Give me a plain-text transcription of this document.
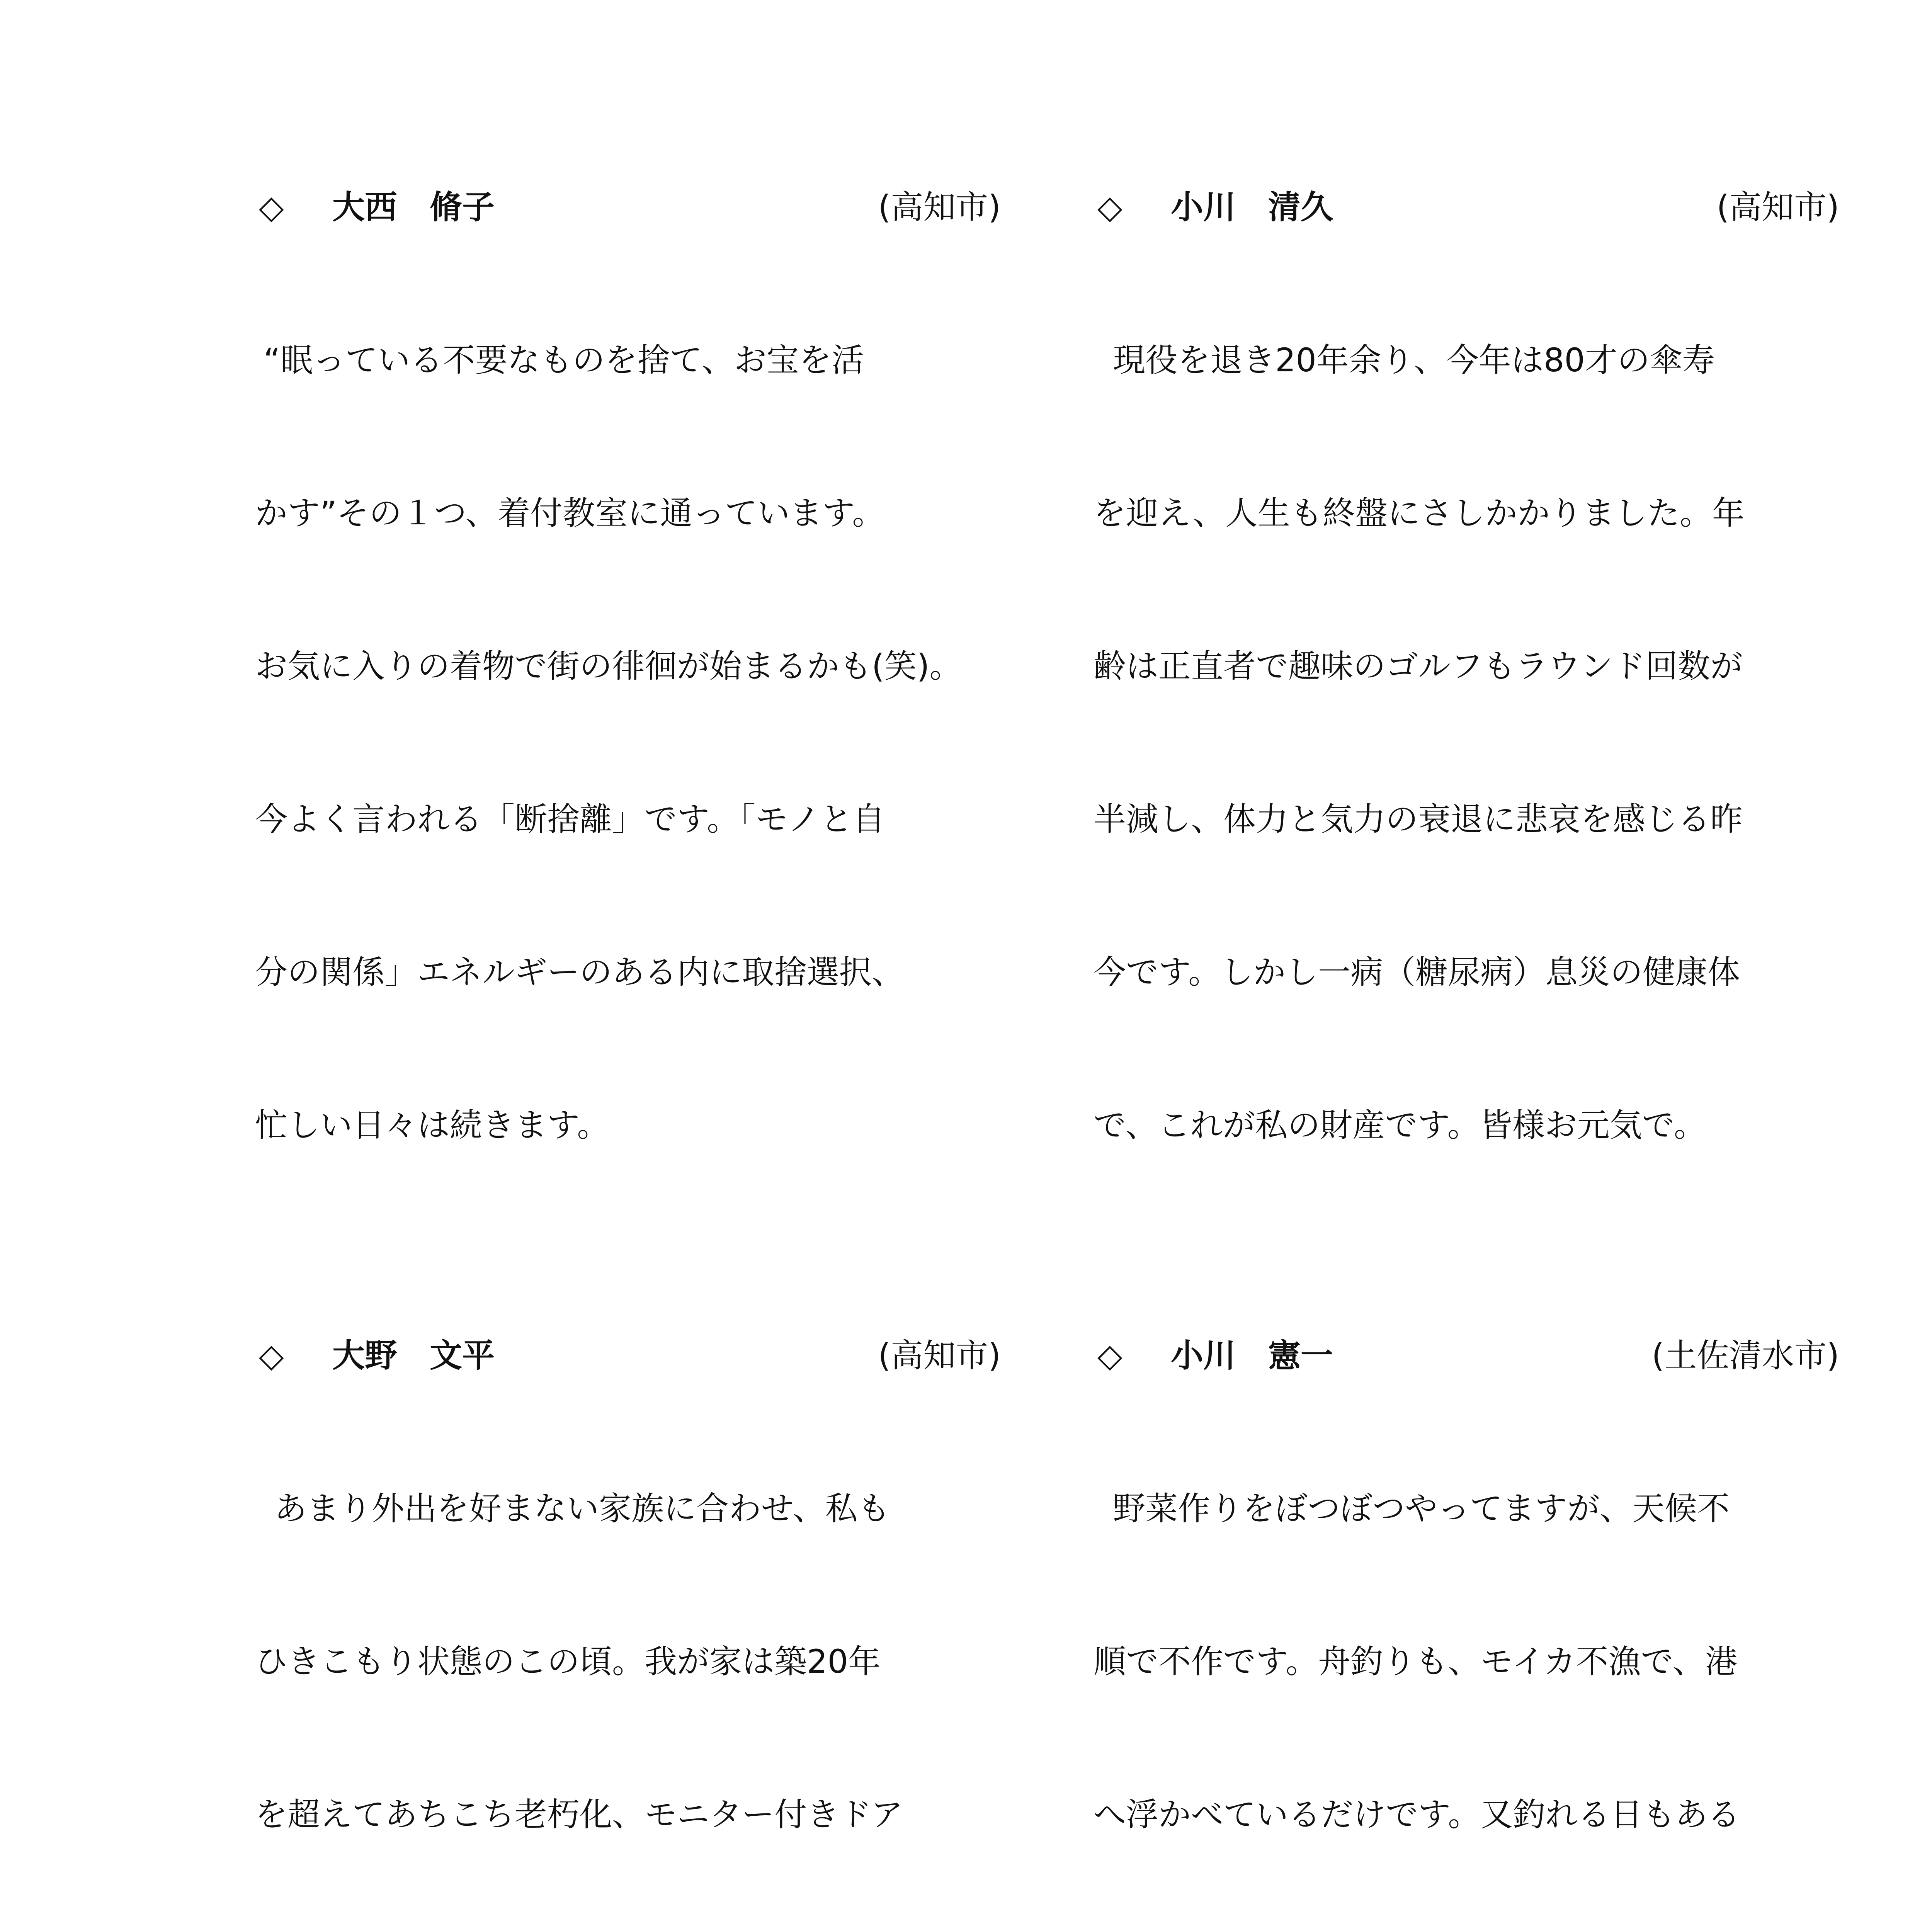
◇ 大西　脩子	(高知市)

“眠っている不要なものを捨て、お宝を活

かす”その１つ、着付教室に通っています。

お気に入りの着物で街の徘徊が始まるかも(笑)。

今よく言われる「断捨離」です。「モノと自

分の関係」エネルギーのある内に取捨選択、

忙しい日々は続きます。

◇ 大野　文平	(高知市)

あまり外出を好まない家族に合わせ、私も

ひきこもり状態のこの頃。我が家は築20年

を超えてあちこち老朽化、モニター付きドア

◇ 小川　清久	(高知市)

現役を退き20年余り、今年は80才の傘寿

を迎え、人生も終盤にさしかかりました。年

齢は正直者で趣味のゴルフもラウンド回数が

半減し、体力と気力の衰退に悲哀を感じる昨

今です。しかし一病（糖尿病）息災の健康体

で、これが私の財産です。皆様お元気で。

◇ 小川　憲一	(土佐清水市)

野菜作りをぼつぼつやってますが、天候不

順で不作です。舟釣りも、モイカ不漁で、港

へ浮かべているだけです。又釣れる日もある
